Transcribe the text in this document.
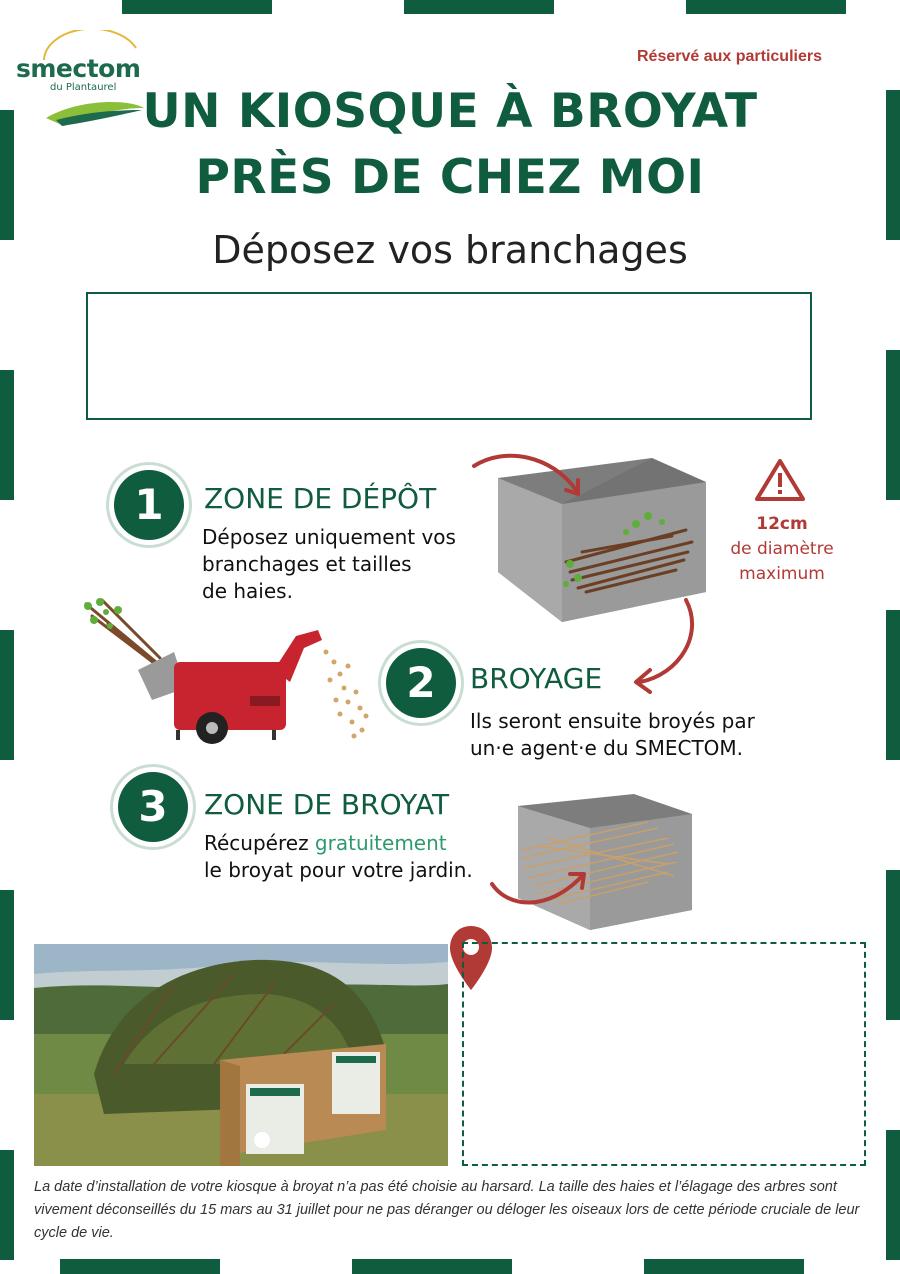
smectom
du Plantaurel
Réservé aux particuliers
UN KIOSQUE À BROYAT
PRÈS DE CHEZ MOI
Déposez vos branchages
1	ZONE DE DÉPÔT
Déposez uniquement vos
branchages et tailles
de haies.
12cm
de diamètre
maximum
2	BROYAGE
Ils seront ensuite broyés par
un·e agent·e du SMECTOM.
3	ZONE DE BROYAT
Récupérez gratuitement
le broyat pour votre jardin.
La date d’installation de votre kiosque à broyat n’a pas été choisie au harsard. La taille des haies et l’élagage des arbres sont vivement déconseillés du 15 mars au 31 juillet pour ne pas déranger ou déloger les oiseaux lors de cette période cruciale de leur cycle de vie.
